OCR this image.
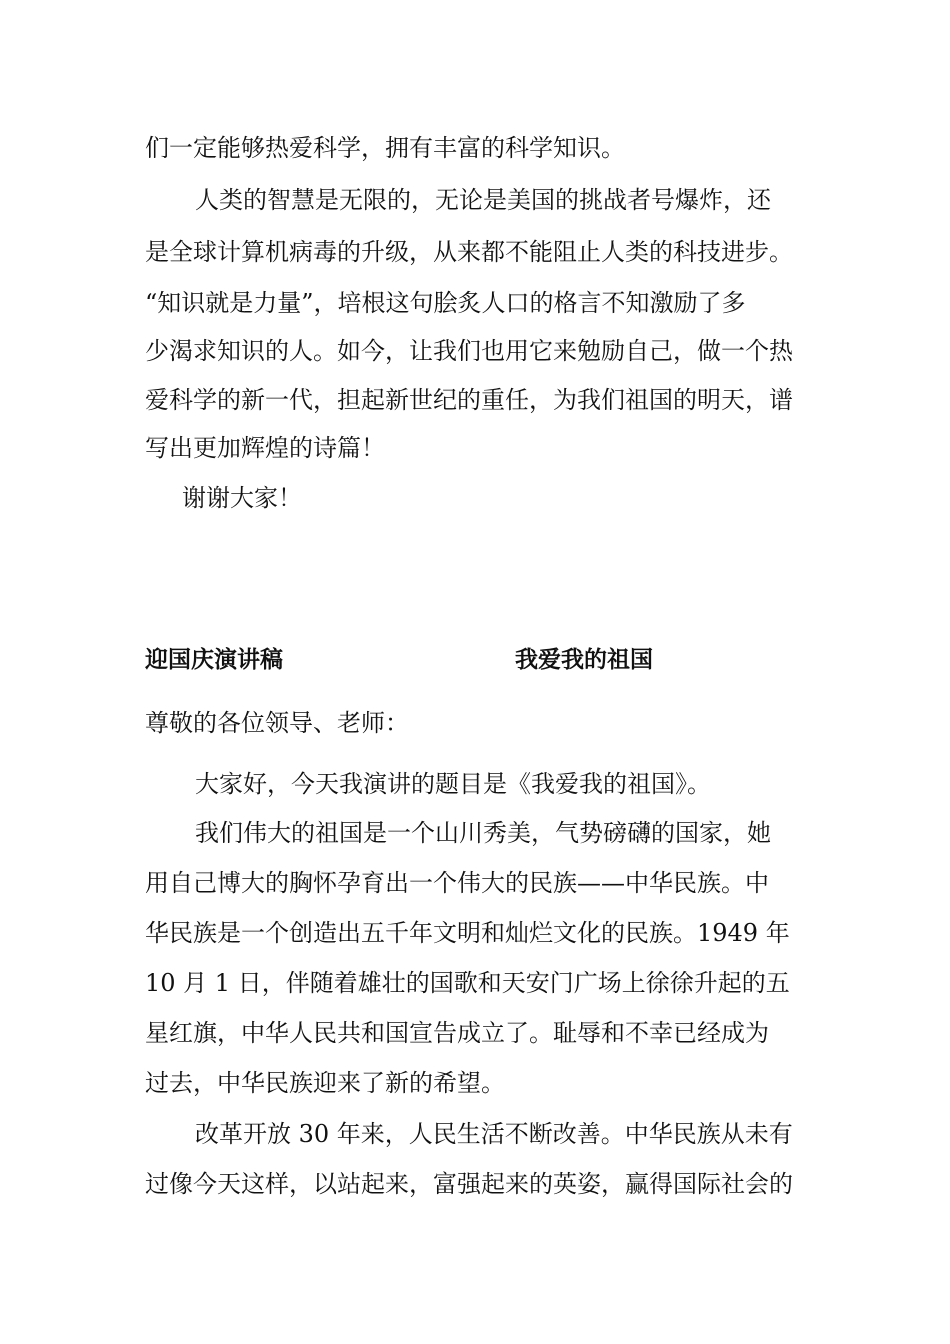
们一定能够热爱科学，拥有丰富的科学知识。
人类的智慧是无限的，无论是美国的挑战者号爆炸，还
是全球计算机病毒的升级，从来都不能阻止人类的科技进步。
“知识就是力量”，培根这句脍炙人口的格言不知激励了多
少渴求知识的人。如今，让我们也用它来勉励自己，做一个热
爱科学的新一代，担起新世纪的重任，为我们祖国的明天，谱
写出更加辉煌的诗篇！
谢谢大家！
迎国庆演讲稿	我爱我的祖国
尊敬的各位领导、老师：
大家好，今天我演讲的题目是《我爱我的祖国》。
我们伟大的祖国是一个山川秀美，气势磅礴的国家，她
用自己博大的胸怀孕育出一个伟大的民族——中华民族。中
华民族是一个创造出五千年文明和灿烂文化的民族。1949 年
10 月 1 日，伴随着雄壮的国歌和天安门广场上徐徐升起的五
星红旗，中华人民共和国宣告成立了。耻辱和不幸已经成为
过去，中华民族迎来了新的希望。
改革开放 30 年来，人民生活不断改善。中华民族从未有
过像今天这样，以站起来，富强起来的英姿，赢得国际社会的
